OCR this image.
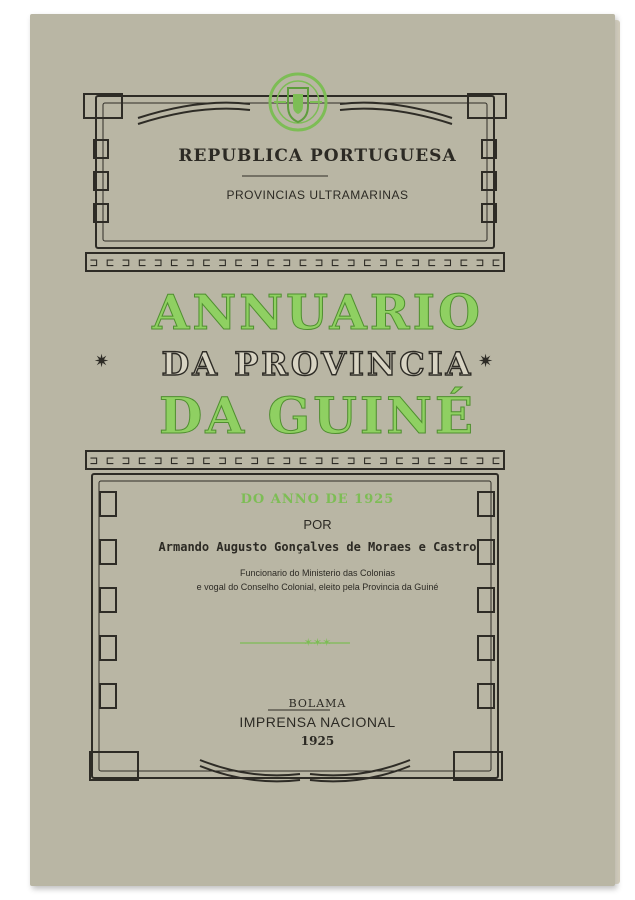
⊐⊏⊐⊏⊐⊏⊐⊏⊐⊏⊐⊏⊐⊏⊐⊏⊐⊏⊐⊏⊐⊏⊐⊏⊐⊏
⊐⊏⊐⊏⊐⊏⊐⊏⊐⊏⊐⊏⊐⊏⊐⊏⊐⊏⊐⊏⊐⊏⊐⊏⊐⊏
REPUBLICA PORTUGUESA
PROVINCIAS ULTRAMARINAS
ANNUARIO
DA PROVINCIA
DA GUINÉ
✷	✷
DO ANNO DE 1925
POR
Armando Augusto Gonçalves de Moraes e Castro
Funcionario do Ministerio das Colonias
e vogal do Conselho Colonial, eleito pela Provincia da Guiné
✶✶✶
BOLAMA
IMPRENSA NACIONAL
1925
